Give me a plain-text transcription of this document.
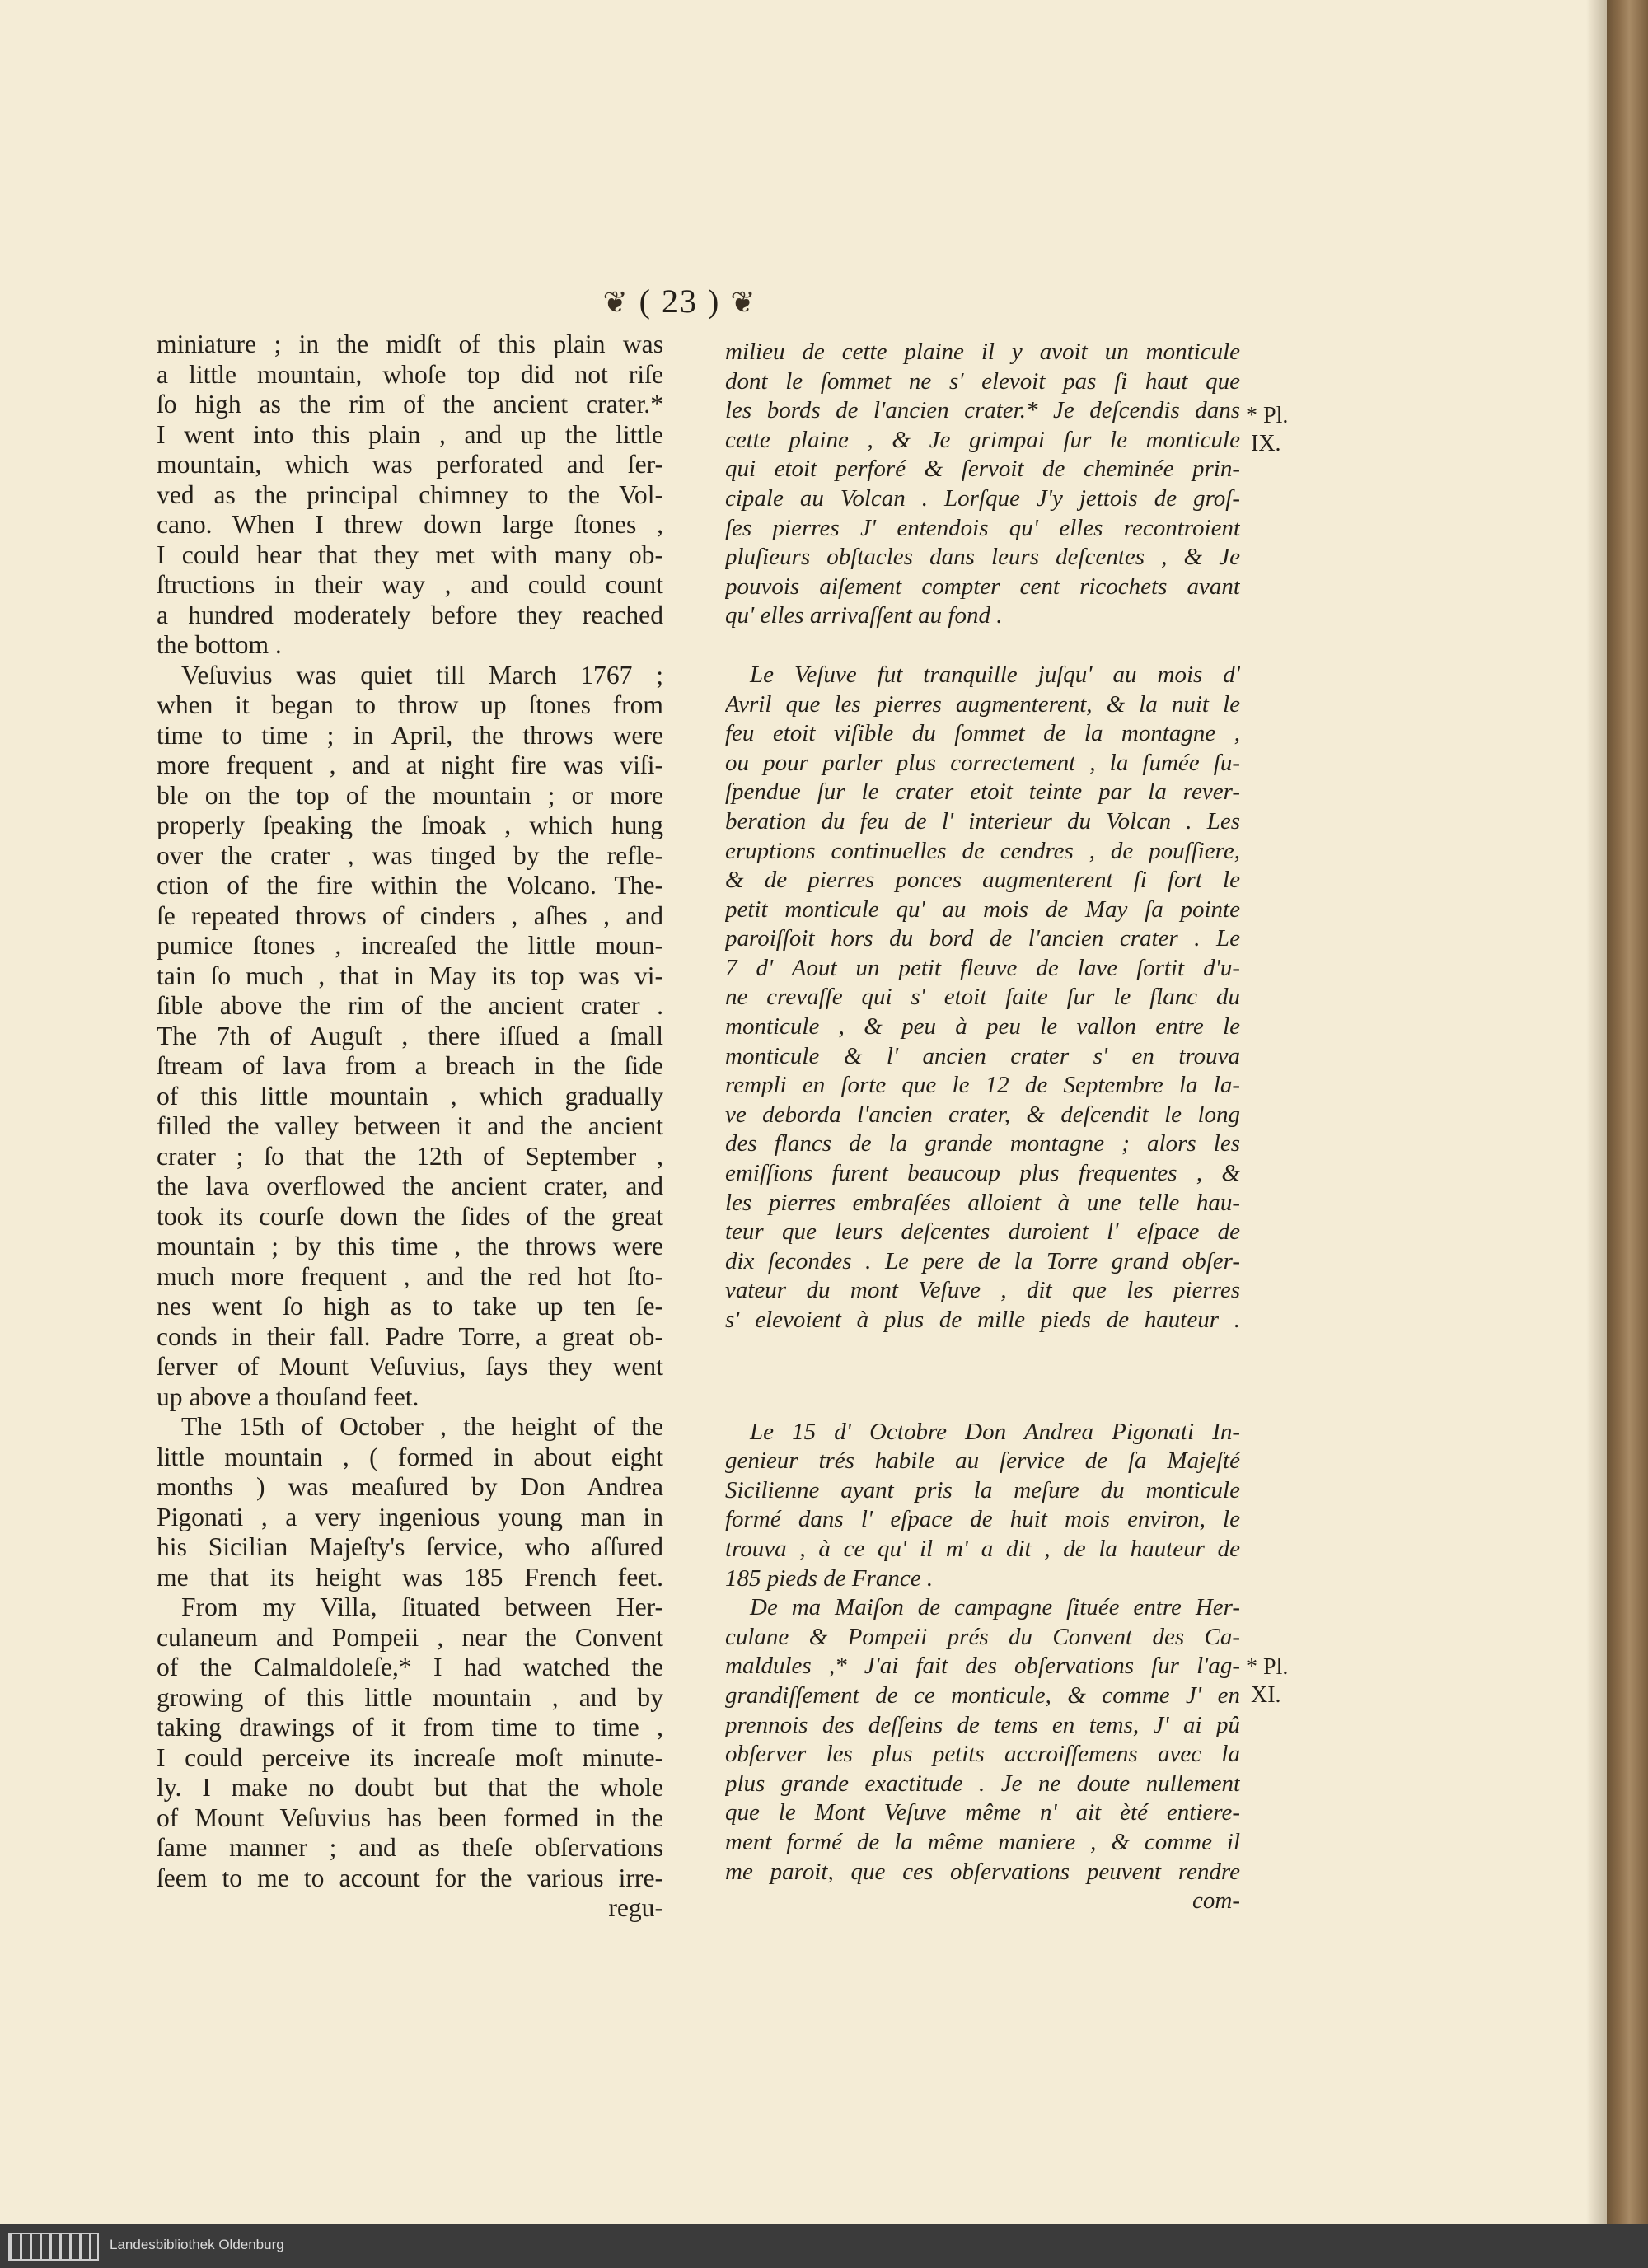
❦ ( 23 ) ❦
miniature ; in the midſt of this plain was
a little mountain, whoſe top did not riſe
ſo high as the rim of the ancient crater.*
I went into this plain , and up the little
mountain, which was perforated and ſer-
ved as the principal chimney to the Vol-
cano. When I threw down large ſtones ,
I could hear that they met with many ob-
ſtructions in their way , and could count
a hundred moderately before they reached
the bottom .
Veſuvius was quiet till March 1767 ;
when it began to throw up ſtones from
time to time ; in April, the throws were
more frequent , and at night fire was viſi-
ble on the top of the mountain ; or more
properly ſpeaking the ſmoak , which hung
over the crater , was tinged by the refle-
ction of the fire within the Volcano. The-
ſe repeated throws of cinders , aſhes , and
pumice ſtones , increaſed the little moun-
tain ſo much , that in May its top was vi-
ſible above the rim of the ancient crater .
The 7th of Auguſt , there iſſued a ſmall
ſtream of lava from a breach in the ſide
of this little mountain , which gradually
filled the valley between it and the ancient
crater ; ſo that the 12th of September ,
the lava overflowed the ancient crater, and
took its courſe down the ſides of the great
mountain ; by this time , the throws were
much more frequent , and the red hot ſto-
nes went ſo high as to take up ten ſe-
conds in their fall. Padre Torre, a great ob-
ſerver of Mount Veſuvius, ſays they went
up above a thouſand feet.
The 15th of October , the height of the
little mountain , ( formed in about eight
months ) was meaſured by Don Andrea
Pigonati , a very ingenious young man in
his Sicilian Majeſty's ſervice, who aſſured
me that its height was 185 French feet.
From my Villa, ſituated between Her-
culaneum and Pompeii , near the Convent
of the Calmaldoleſe,* I had watched the
growing of this little mountain , and by
taking drawings of it from time to time ,
I could perceive its increaſe moſt minute-
ly. I make no doubt but that the whole
of Mount Veſuvius has been formed in the
ſame manner ; and as theſe obſervations
ſeem to me to account for the various irre-
regu-
milieu de cette plaine il y avoit un monticule
dont le ſommet ne s' elevoit pas ſi haut que
les bords de l'ancien crater.* Je deſcendis dans
cette plaine , & Je grimpai ſur le monticule
qui etoit perforé & ſervoit de cheminée prin-
cipale au Volcan . Lorſque J'y jettois de groſ-
ſes pierres J' entendois qu' elles recontroient
pluſieurs obſtacles dans leurs deſcentes , & Je
pouvois aiſement compter cent ricochets avant
qu' elles arrivaſſent au fond .
Le Veſuve fut tranquille juſqu' au mois d'
Avril que les pierres augmenterent, & la nuit le
feu etoit viſible du ſommet de la montagne ,
ou pour parler plus correctement , la fumée ſu-
ſpendue ſur le crater etoit teinte par la rever-
beration du feu de l' interieur du Volcan . Les
eruptions continuelles de cendres , de pouſſiere,
& de pierres ponces augmenterent ſi fort le
petit monticule qu' au mois de May ſa pointe
paroiſſoit hors du bord de l'ancien crater . Le
7 d' Aout un petit fleuve de lave ſortit d'u-
ne crevaſſe qui s' etoit faite ſur le flanc du
monticule , & peu à peu le vallon entre le
monticule & l' ancien crater s' en trouva
rempli en ſorte que le 12 de Septembre la la-
ve deborda l'ancien crater, & deſcendit le long
des flancs de la grande montagne ; alors les
emiſſions furent beaucoup plus frequentes , &
les pierres embraſées alloient à une telle hau-
teur que leurs deſcentes duroient l' eſpace de
dix ſecondes . Le pere de la Torre grand obſer-
vateur du mont Veſuve , dit que les pierres
s' elevoient à plus de mille pieds de hauteur .
Le 15 d' Octobre Don Andrea Pigonati In-
genieur trés habile au ſervice de ſa Majeſté
Sicilienne ayant pris la meſure du monticule
formé dans l' eſpace de huit mois environ, le
trouva , à ce qu' il m' a dit , de la hauteur de
185 pieds de France .
De ma Maiſon de campagne ſituée entre Her-
culane & Pompeii prés du Convent des Ca-
maldules ,* J'ai fait des obſervations ſur l'ag-
grandiſſement de ce monticule, & comme J' en
prennois des deſſeins de tems en tems, J' ai pû
obſerver les plus petits accroiſſemens avec la
plus grande exactitude . Je ne doute nullement
que le Mont Veſuve même n' ait èté entiere-
ment formé de la même maniere , & comme il
me paroit, que ces obſervations peuvent rendre
com-
* Pl.
IX.
* Pl.
XI.
Landesbibliothek Oldenburg
